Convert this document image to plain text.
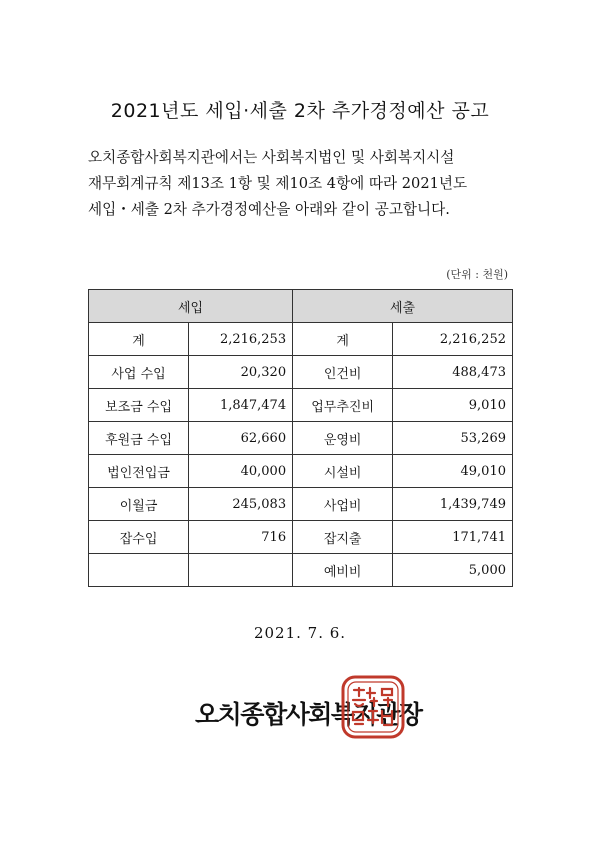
2021년도 세입·세출 2차 추가경정예산 공고
오치종합사회복지관에서는 사회복지법인 및 사회복지시설
재무회계규칙 제13조 1항 및 제10조 4항에 따라 2021년도
세입・세출 2차 추가경정예산을 아래와 같이 공고합니다.
(단위 : 천원)
세입		세출	
계	2,216,253	계	2,216,252
사업 수입	20,320	인건비	488,473
보조금 수입	1,847,474	업무추진비	9,010
후원금 수입	62,660	운영비	53,269
법인전입금	40,000	시설비	49,010
이월금	245,083	사업비	1,439,749
잡수입	716	잡지출	171,741
		예비비	5,000
2021. 7. 6.
오치종합사회복지관장
